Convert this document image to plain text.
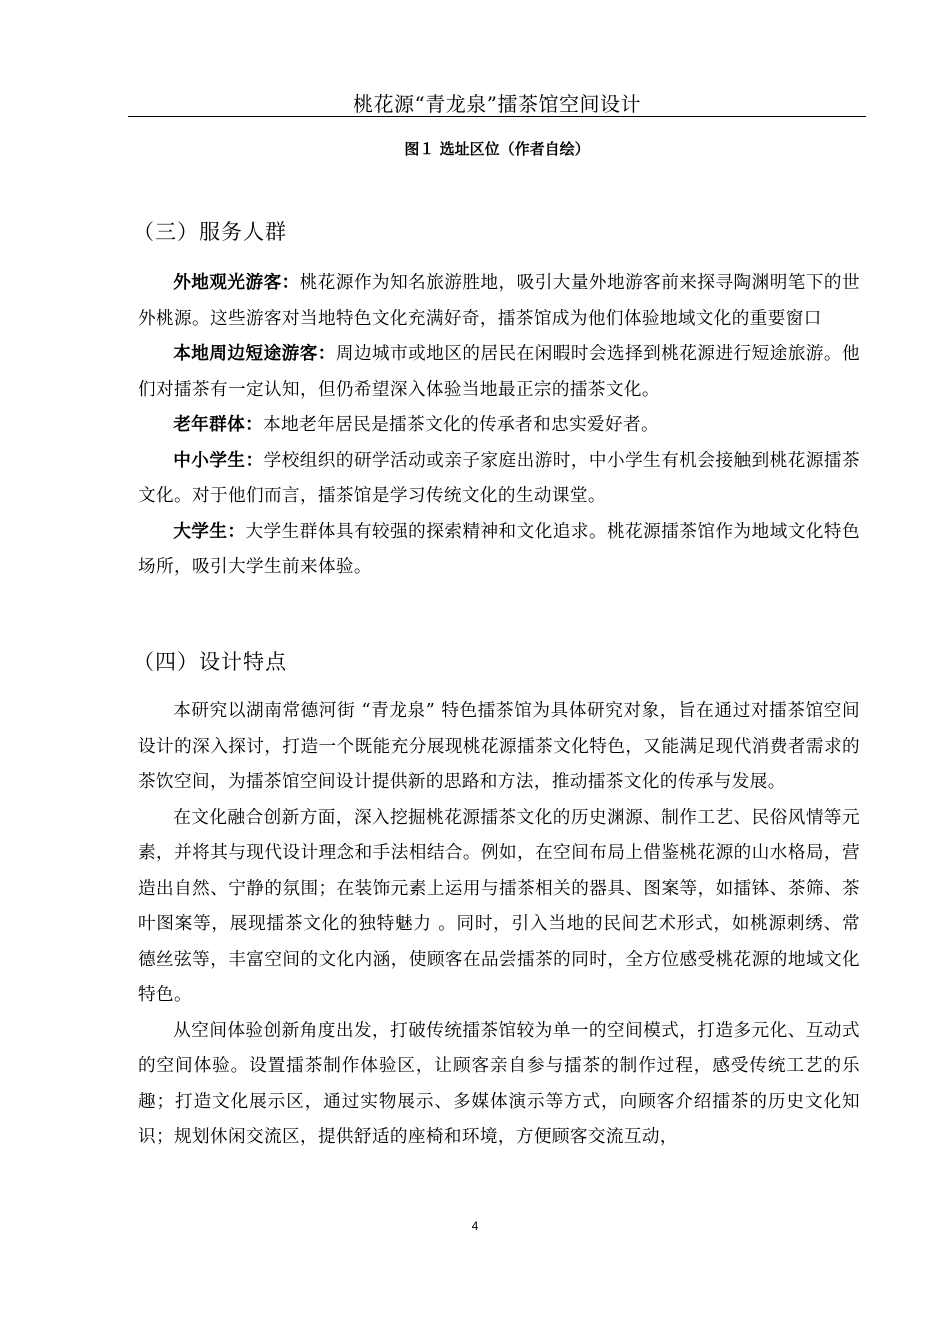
桃花源“青龙泉”擂茶馆空间设计
图１ 选址区位（作者自绘）
（三）服务人群

外地观光游客：桃花源作为知名旅游胜地，吸引大量外地游客前来探寻陶渊明笔下的世外桃源。这些游客对当地特色文化充满好奇，擂茶馆成为他们体验地域文化的重要窗口

本地周边短途游客：周边城市或地区的居民在闲暇时会选择到桃花源进行短途旅游。他们对擂茶有一定认知，但仍希望深入体验当地最正宗的擂茶文化。

老年群体：本地老年居民是擂茶文化的传承者和忠实爱好者。

中小学生：学校组织的研学活动或亲子家庭出游时，中小学生有机会接触到桃花源擂茶文化。对于他们而言，擂茶馆是学习传统文化的生动课堂。

大学生：大学生群体具有较强的探索精神和文化追求。桃花源擂茶馆作为地域文化特色场所，吸引大学生前来体验。

（四）设计特点

本研究以湖南常德河街 “青龙泉” 特色擂茶馆为具体研究对象，旨在通过对擂茶馆空间设计的深入探讨，打造一个既能充分展现桃花源擂茶文化特色，又能满足现代消费者需求的茶饮空间，为擂茶馆空间设计提供新的思路和方法，推动擂茶文化的传承与发展。

在文化融合创新方面，深入挖掘桃花源擂茶文化的历史渊源、制作工艺、民俗风情等元素，并将其与现代设计理念和手法相结合。例如，在空间布局上借鉴桃花源的山水格局，营造出自然、宁静的氛围；在装饰元素上运用与擂茶相关的器具、图案等，如擂钵、茶筛、茶叶图案等，展现擂茶文化的独特魅力 。同时，引入当地的民间艺术形式，如桃源刺绣、常德丝弦等，丰富空间的文化内涵，使顾客在品尝擂茶的同时，全方位感受桃花源的地域文化特色。

从空间体验创新角度出发，打破传统擂茶馆较为单一的空间模式，打造多元化、互动式的空间体验。设置擂茶制作体验区，让顾客亲自参与擂茶的制作过程，感受传统工艺的乐趣；打造文化展示区，通过实物展示、多媒体演示等方式，向顾客介绍擂茶的历史文化知识；规划休闲交流区，提供舒适的座椅和环境，方便顾客交流互动，

4
